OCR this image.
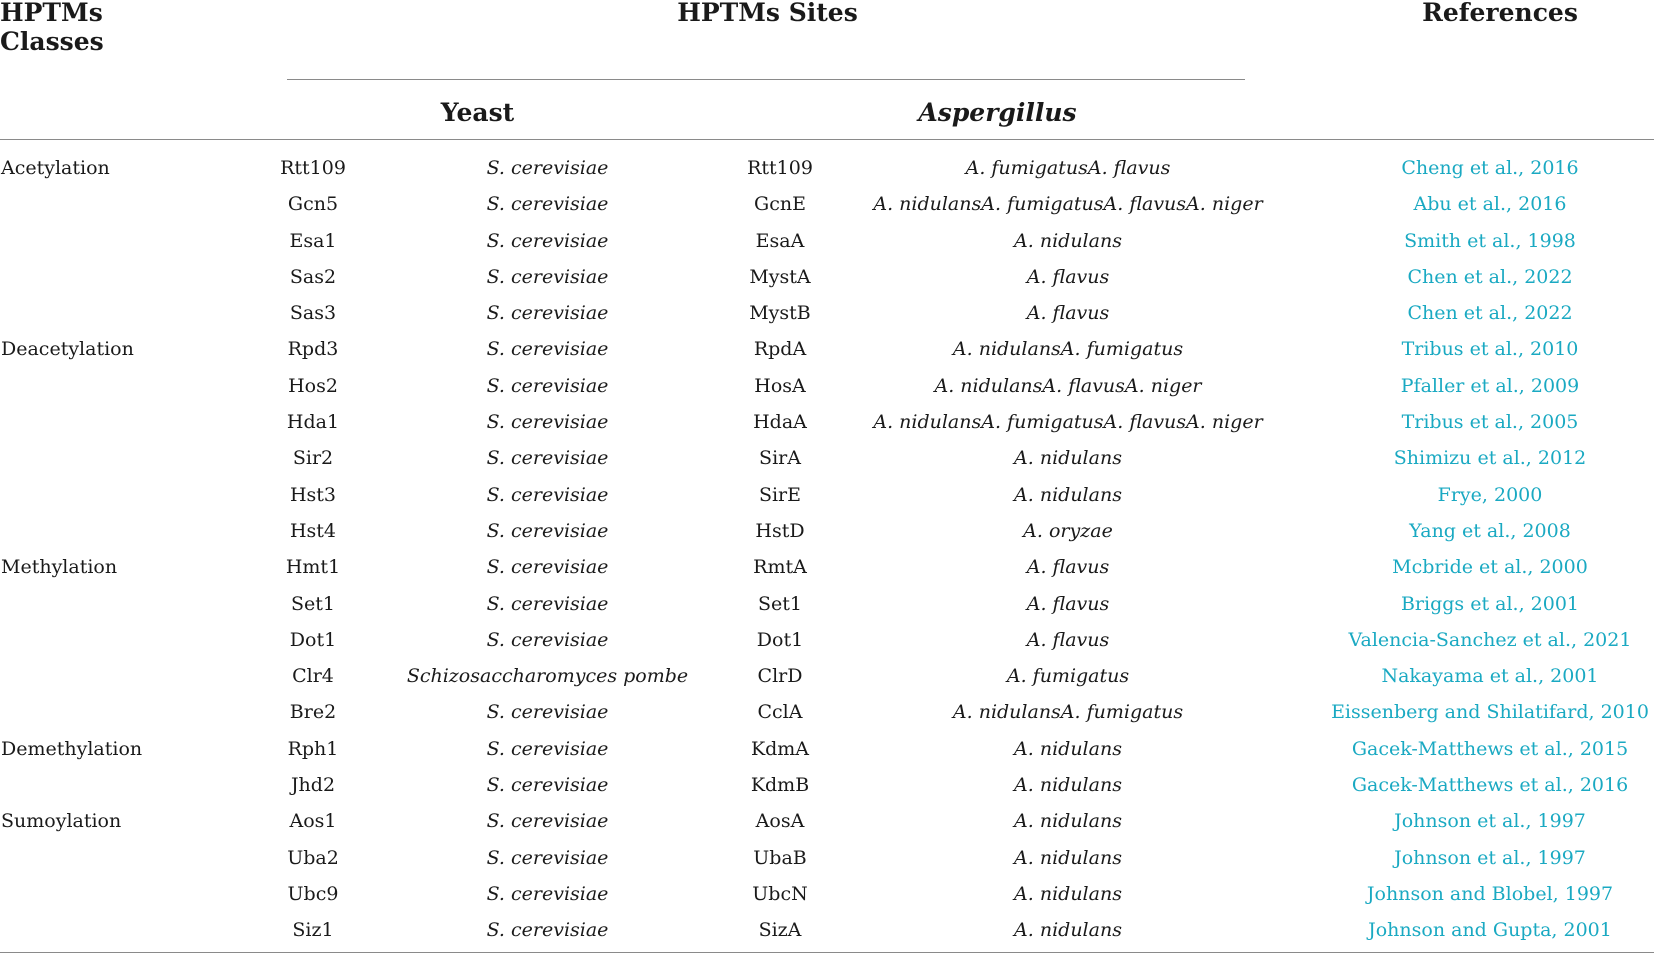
HPTMs
Classes
HPTMs Sites	References
Yeast	Aspergillus
Acetylation	Rtt109	S. cerevisiae	Rtt109	A. fumigatusA. flavus	Cheng et al., 2016
Gcn5	S. cerevisiae	GcnE	A. nidulansA. fumigatusA. flavusA. niger	Abu et al., 2016
Esa1	S. cerevisiae	EsaA	A. nidulans	Smith et al., 1998
Sas2	S. cerevisiae	MystA	A. flavus	Chen et al., 2022
Sas3	S. cerevisiae	MystB	A. flavus	Chen et al., 2022
Deacetylation	Rpd3	S. cerevisiae	RpdA	A. nidulansA. fumigatus	Tribus et al., 2010
Hos2	S. cerevisiae	HosA	A. nidulansA. flavusA. niger	Pfaller et al., 2009
Hda1	S. cerevisiae	HdaA	A. nidulansA. fumigatusA. flavusA. niger	Tribus et al., 2005
Sir2	S. cerevisiae	SirA	A. nidulans	Shimizu et al., 2012
Hst3	S. cerevisiae	SirE	A. nidulans	Frye, 2000
Hst4	S. cerevisiae	HstD	A. oryzae	Yang et al., 2008
Methylation	Hmt1	S. cerevisiae	RmtA	A. flavus	Mcbride et al., 2000
Set1	S. cerevisiae	Set1	A. flavus	Briggs et al., 2001
Dot1	S. cerevisiae	Dot1	A. flavus	Valencia-Sanchez et al., 2021
Clr4	Schizosaccharomyces pombe	ClrD	A. fumigatus	Nakayama et al., 2001
Bre2	S. cerevisiae	CclA	A. nidulansA. fumigatus	Eissenberg and Shilatifard, 2010
Demethylation	Rph1	S. cerevisiae	KdmA	A. nidulans	Gacek-Matthews et al., 2015
Jhd2	S. cerevisiae	KdmB	A. nidulans	Gacek-Matthews et al., 2016
Sumoylation	Aos1	S. cerevisiae	AosA	A. nidulans	Johnson et al., 1997
Uba2	S. cerevisiae	UbaB	A. nidulans	Johnson et al., 1997
Ubc9	S. cerevisiae	UbcN	A. nidulans	Johnson and Blobel, 1997
Siz1	S. cerevisiae	SizA	A. nidulans	Johnson and Gupta, 2001
